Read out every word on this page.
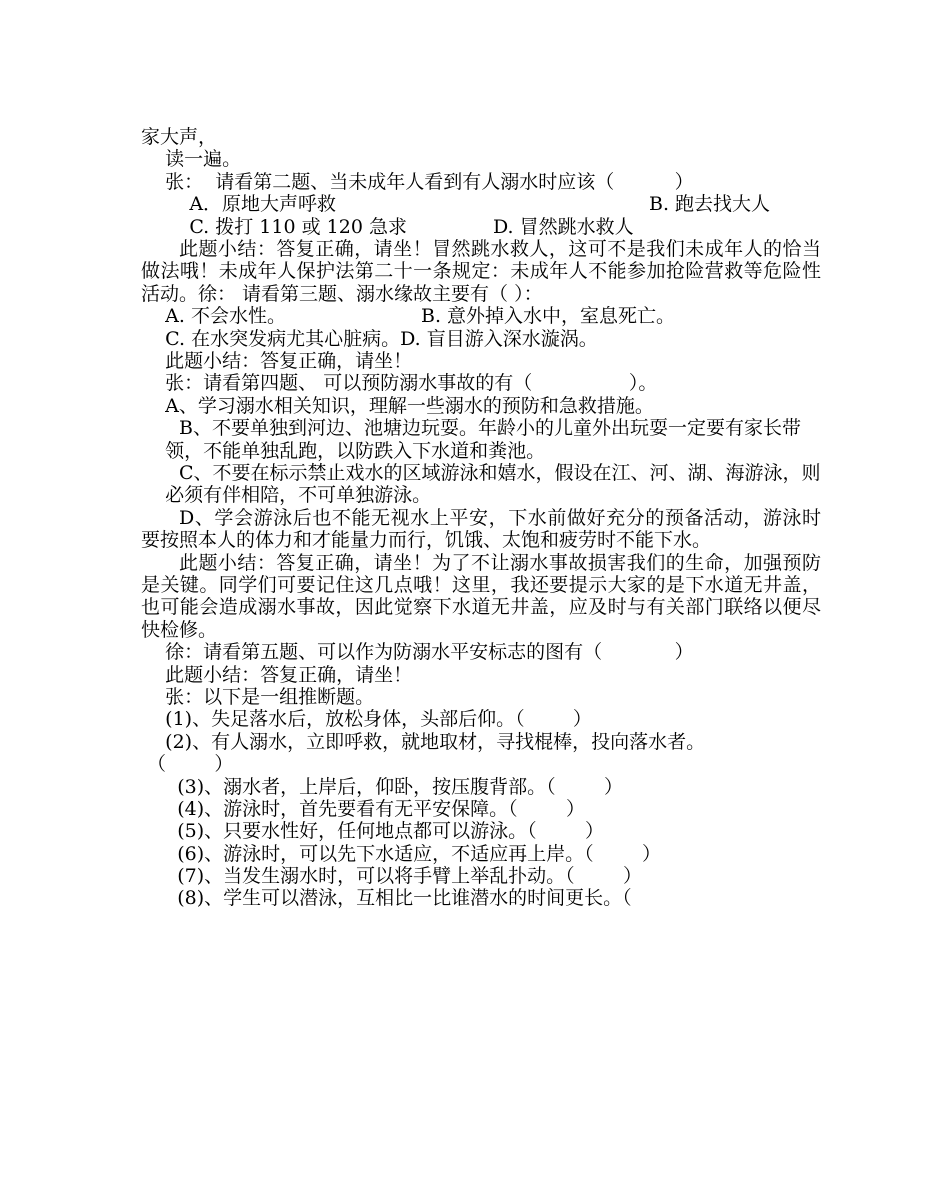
家大声，
读一遍。
张：  请看第二题、当未成年人看到有人溺水时应该（          ）
A．原地大声呼救	B. 跑去找大人
C. 拨打 110 或 120 急求	D. 冒然跳水救人
此题小结：答复正确，请坐！冒然跳水救人，这可不是我们未成年人的恰当做法哦！未成年人保护法第二十一条规定：未成年人不能参加抢险营救等危险性活动。徐： 请看第三题、溺水缘故主要有（ ）：
A. 不会水性。	B. 意外掉入水中，室息死亡。
C. 在水突发病尤其心脏病。D. 盲目游入深水漩涡。
此题小结：答复正确，请坐！
张：请看第四题、 可以预防溺水事故的有（                ）。
A、学习溺水相关知识，理解一些溺水的预防和急救措施。
B、不要单独到河边、池塘边玩耍。年龄小的儿童外出玩耍一定要有家长带
领，不能单独乱跑，以防跌入下水道和粪池。
C、不要在标示禁止戏水的区域游泳和嬉水，假设在江、河、湖、海游泳，则
必须有伴相陪，不可单独游泳。
D、学会游泳后也不能无视水上平安，下水前做好充分的预备活动，游泳时要按照本人的体力和才能量力而行，饥饿、太饱和疲劳时不能下水。
此题小结：答复正确，请坐！为了不让溺水事故损害我们的生命，加强预防是关键。同学们可要记住这几点哦！这里，我还要提示大家的是下水道无井盖，也可能会造成溺水事故，因此觉察下水道无井盖，应及时与有关部门联络以便尽快检修。
徐：请看第五题、可以作为防溺水平安标志的图有（            ）
此题小结：答复正确，请坐！
张：以下是一组推断题。
(1)、失足落水后，放松身体，头部后仰。（        ）
(2)、有人溺水，立即呼救，就地取材，寻找棍棒，投向落水者。
（        ）
(3)、溺水者，上岸后，仰卧，按压腹背部。（        ）
(4)、游泳时，首先要看有无平安保障。（        ）
(5)、只要水性好，任何地点都可以游泳。（        ）
(6)、游泳时，可以先下水适应，不适应再上岸。（        ）
(7)、当发生溺水时，可以将手臂上举乱扑动。（        ）
(8)、学生可以潜泳，互相比一比谁潜水的时间更长。（
